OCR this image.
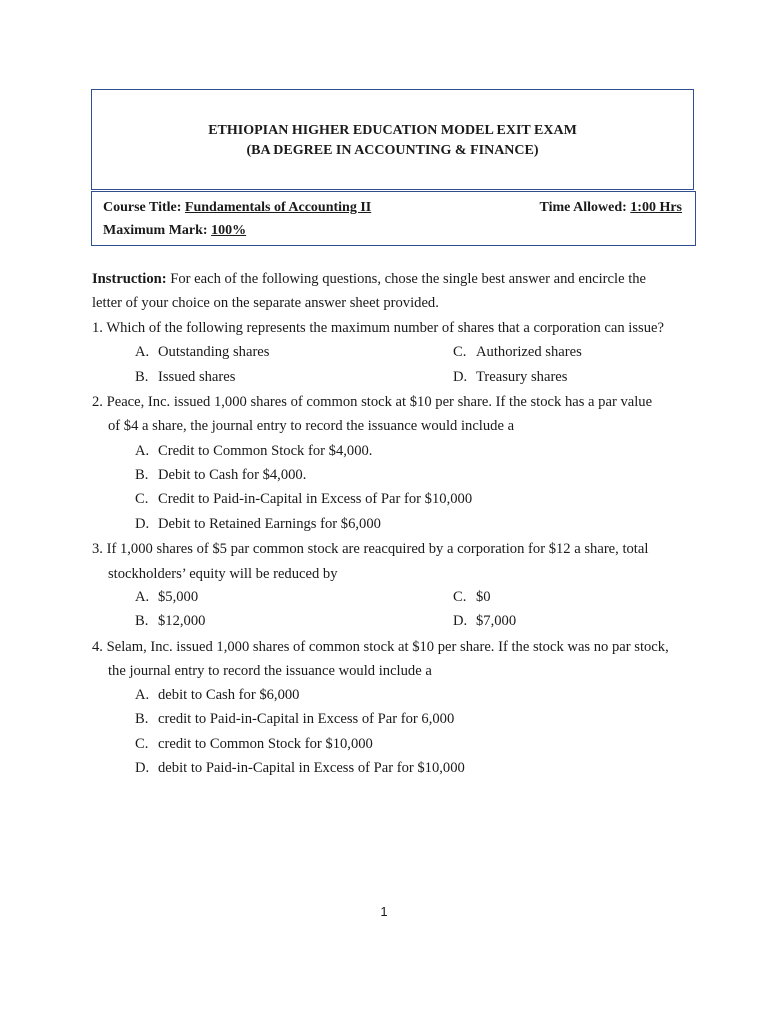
ETHIOPIAN HIGHER EDUCATION MODEL EXIT EXAM
(BA DEGREE IN ACCOUNTING & FINANCE)
Course Title: Fundamentals of Accounting II	Time Allowed: 1:00 Hrs
Maximum Mark: 100%
Instruction: For each of the following questions, chose the single best answer and encircle the
letter of your choice on the separate answer sheet provided.
1. Which of the following represents the maximum number of shares that a corporation can issue?
A. Outstanding shares	C. Authorized shares
B. Issued shares	D. Treasury shares
2. Peace, Inc. issued 1,000 shares of common stock at $10 per share. If the stock has a par value
of $4 a share, the journal entry to record the issuance would include a
A. Credit to Common Stock for $4,000.
B. Debit to Cash for $4,000.
C. Credit to Paid-in-Capital in Excess of Par for $10,000
D. Debit to Retained Earnings for $6,000
3. If 1,000 shares of $5 par common stock are reacquired by a corporation for $12 a share, total
stockholders’ equity will be reduced by
A. $5,000	C. $0
B. $12,000	D. $7,000
4. Selam, Inc. issued 1,000 shares of common stock at $10 per share. If the stock was no par stock,
the journal entry to record the issuance would include a
A. debit to Cash for $6,000
B. credit to Paid-in-Capital in Excess of Par for 6,000
C. credit to Common Stock for $10,000
D. debit to Paid-in-Capital in Excess of Par for $10,000
1
